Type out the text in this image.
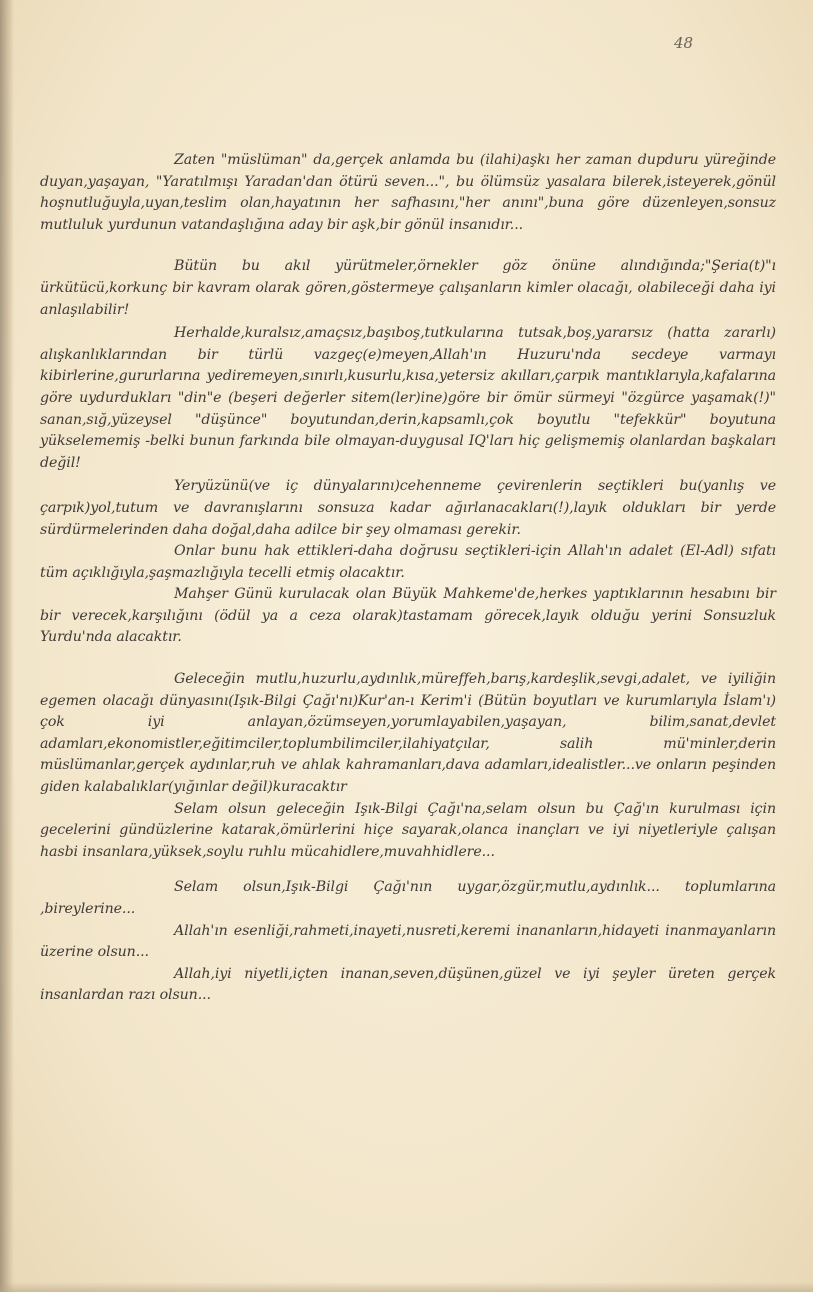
48

Zaten "müslüman" da,gerçek anlamda bu (ilahi)aşkı her zaman dupduru yüreğinde duyan,yaşayan, "Yaratılmışı Yaradan'dan ötürü seven...", bu ölümsüz yasalara bilerek,isteyerek,gönül hoşnutluğuyla,uyan,teslim olan,hayatının her safhasını,"her anını",buna göre düzenleyen,sonsuz mutluluk yurdunun vatandaşlığına aday bir aşk,bir gönül insanıdır...

Bütün bu akıl yürütmeler,örnekler göz önüne alındığında;"Şeria(t)"ı ürkütücü,korkunç bir kavram olarak gören,göstermeye çalışanların kimler olacağı, olabileceği daha iyi anlaşılabilir!

Herhalde,kuralsız,amaçsız,başıboş,tutkularına tutsak,boş,yararsız (hatta zararlı) alışkanlıklarından bir türlü vazgeç(e)meyen,Allah'ın Huzuru'nda secdeye varmayı kibirlerine,gururlarına yediremeyen,sınırlı,kusurlu,kısa,yetersiz akılları,çarpık mantıklarıyla,kafalarına göre uydurdukları "din"e (beşeri değerler sitem(ler)ine)göre bir ömür sürmeyi "özgürce yaşamak(!)" sanan,sığ,yüzeysel "düşünce" boyutundan,derin,kapsamlı,çok boyutlu "tefekkür" boyutuna yükselememiş -belki bunun farkında bile olmayan-duygusal IQ'ları hiç gelişmemiş olanlardan başkaları değil!

Yeryüzünü(ve iç dünyalarını)cehenneme çevirenlerin seçtikleri bu(yanlış ve çarpık)yol,tutum ve davranışlarını sonsuza kadar ağırlanacakları(!),layık oldukları bir yerde sürdürmelerinden daha doğal,daha adilce bir şey olmaması gerekir.

Onlar bunu hak ettikleri-daha doğrusu seçtikleri-için Allah'ın adalet (El-Adl) sıfatı tüm açıklığıyla,şaşmazlığıyla tecelli etmiş olacaktır.

Mahşer Günü kurulacak olan Büyük Mahkeme'de,herkes yaptıklarının hesabını bir bir verecek,karşılığını (ödül ya a ceza olarak)tastamam görecek,layık olduğu yerini Sonsuzluk Yurdu'nda alacaktır.

Geleceğin mutlu,huzurlu,aydınlık,müreffeh,barış,kardeşlik,sevgi,adalet, ve iyiliğin egemen olacağı dünyasını(Işık-Bilgi Çağı'nı)Kur'an-ı Kerim'i (Bütün boyutları ve kurumlarıyla İslam'ı) çok iyi anlayan,özümseyen,yorumlayabilen,yaşayan, bilim,sanat,devlet adamları,ekonomistler,eğitimciler,toplumbilimciler,ilahiyatçılar, salih mü'minler,derin müslümanlar,gerçek aydınlar,ruh ve ahlak kahramanları,dava adamları,idealistler...ve onların peşinden giden kalabalıklar(yığınlar değil)kuracaktır

Selam olsun geleceğin Işık-Bilgi Çağı'na,selam olsun bu Çağ'ın kurulması için gecelerini gündüzlerine katarak,ömürlerini hiçe sayarak,olanca inançları ve iyi niyetleriyle çalışan hasbi insanlara,yüksek,soylu ruhlu mücahidlere,muvahhidlere...

Selam olsun,Işık-Bilgi Çağı'nın uygar,özgür,mutlu,aydınlık... toplumlarına ,bireylerine...

Allah'ın esenliği,rahmeti,inayeti,nusreti,keremi inananların,hidayeti inanmayanların üzerine olsun...

Allah,iyi niyetli,içten inanan,seven,düşünen,güzel ve iyi şeyler üreten gerçek insanlardan razı olsun...
